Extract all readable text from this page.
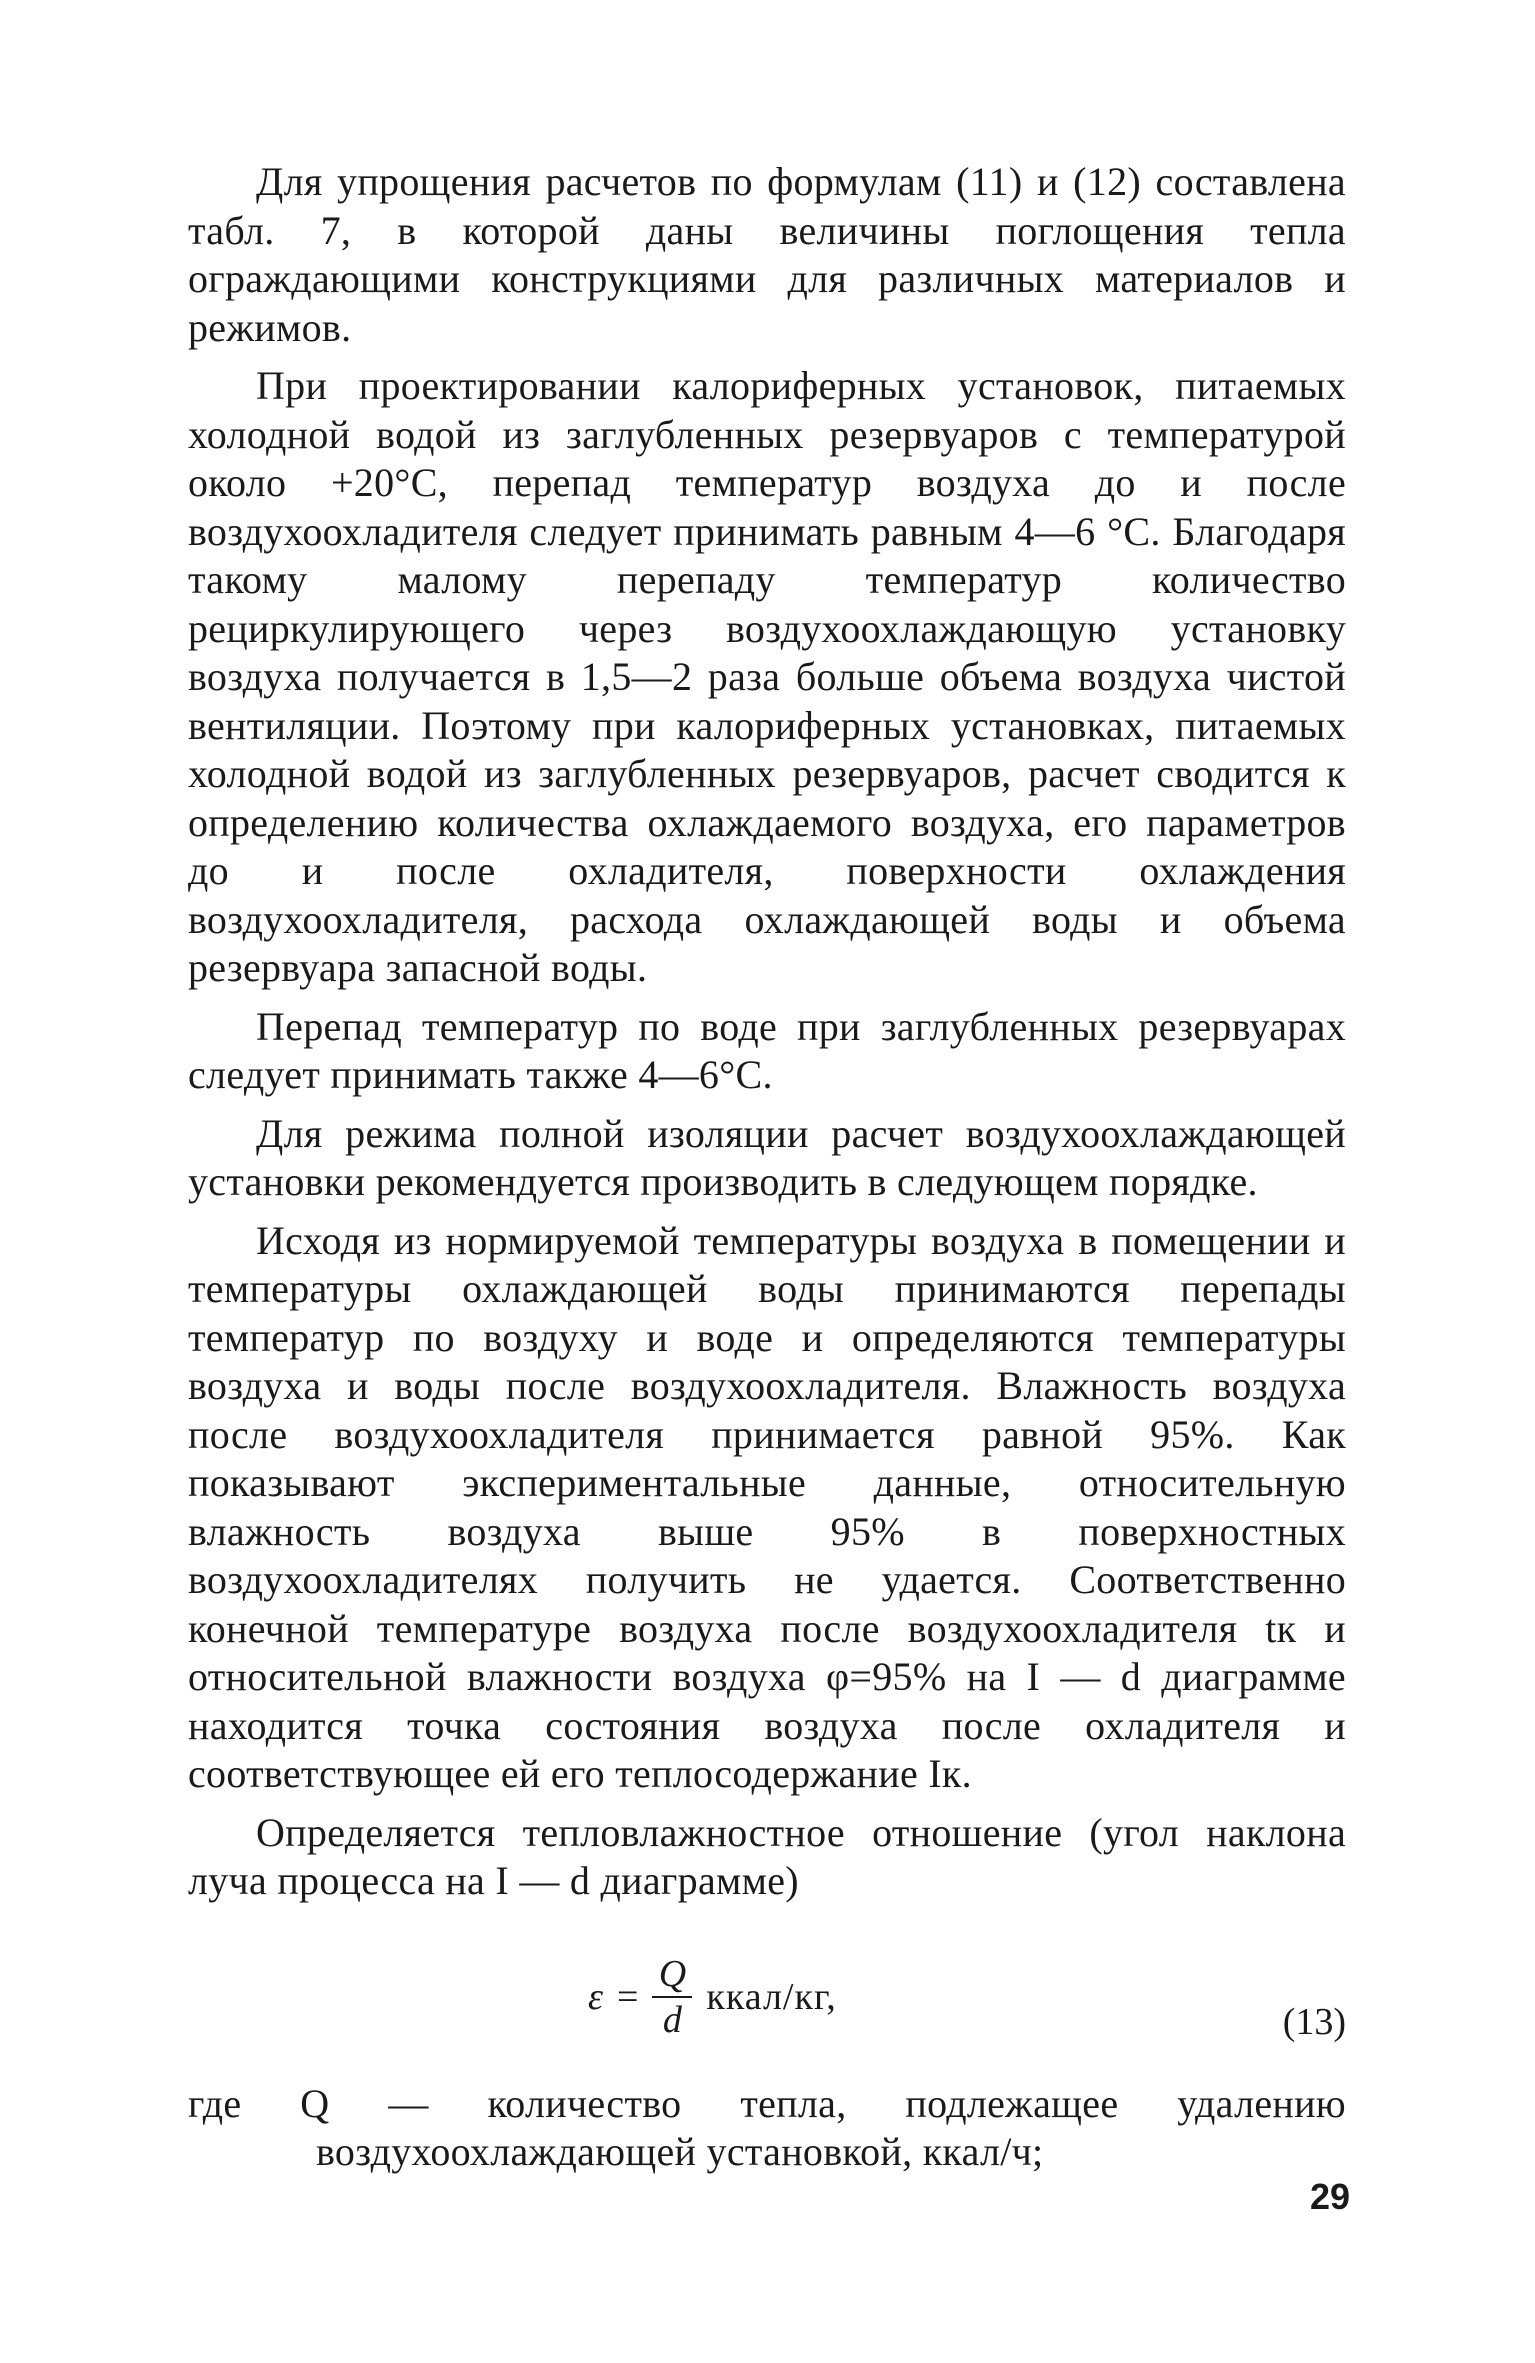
Для упрощения расчетов по формулам (11) и (12) составлена табл. 7, в которой даны величины поглощения тепла ограждающими конструкциями для различных материалов и режимов.

При проектировании калориферных установок, питаемых холодной водой из заглубленных резервуаров с температурой около +20°С, перепад температур воздуха до и после воздухоохладителя следует принимать равным 4—6 °С. Благодаря такому малому перепаду температур количество рециркулирующего через воздухоохлаждающую установку воздуха получается в 1,5—2 раза больше объема воздуха чистой вентиляции. Поэтому при калориферных установках, питаемых холодной водой из заглубленных резервуаров, расчет сводится к определению количества охлаждаемого воздуха, его параметров до и после охладителя, поверхности охлаждения воздухоохладителя, расхода охлаждающей воды и объема резервуара запасной воды.

Перепад температур по воде при заглубленных резервуарах следует принимать также 4—6°С.

Для режима полной изоляции расчет воздухоохлаждающей установки рекомендуется производить в следующем порядке.

Исходя из нормируемой температуры воздуха в помещении и температуры охлаждающей воды принимаются перепады температур по воздуху и воде и определяются температуры воздуха и воды после воздухоохладителя. Влажность воздуха после воздухоохладителя принимается равной 95%. Как показывают экспериментальные данные, относительную влажность воздуха выше 95% в поверхностных воздухоохладителях получить не удается. Соответственно конечной температуре воздуха после воздухоохладителя tк и относительной влажности воздуха φ=95% на I — d диаграмме находится точка состояния воздуха после охладителя и соответствующее ей его теплосодержание Iк.

Определяется тепловлажностное отношение (угол наклона луча процесса на I — d диаграмме)

$\varepsilon = \frac{Q}{d}$ ккал/кг,
(13)

где Q — количество тепла, подлежащее удалению воздухоохлаждающей установкой, ккал/ч;

29
